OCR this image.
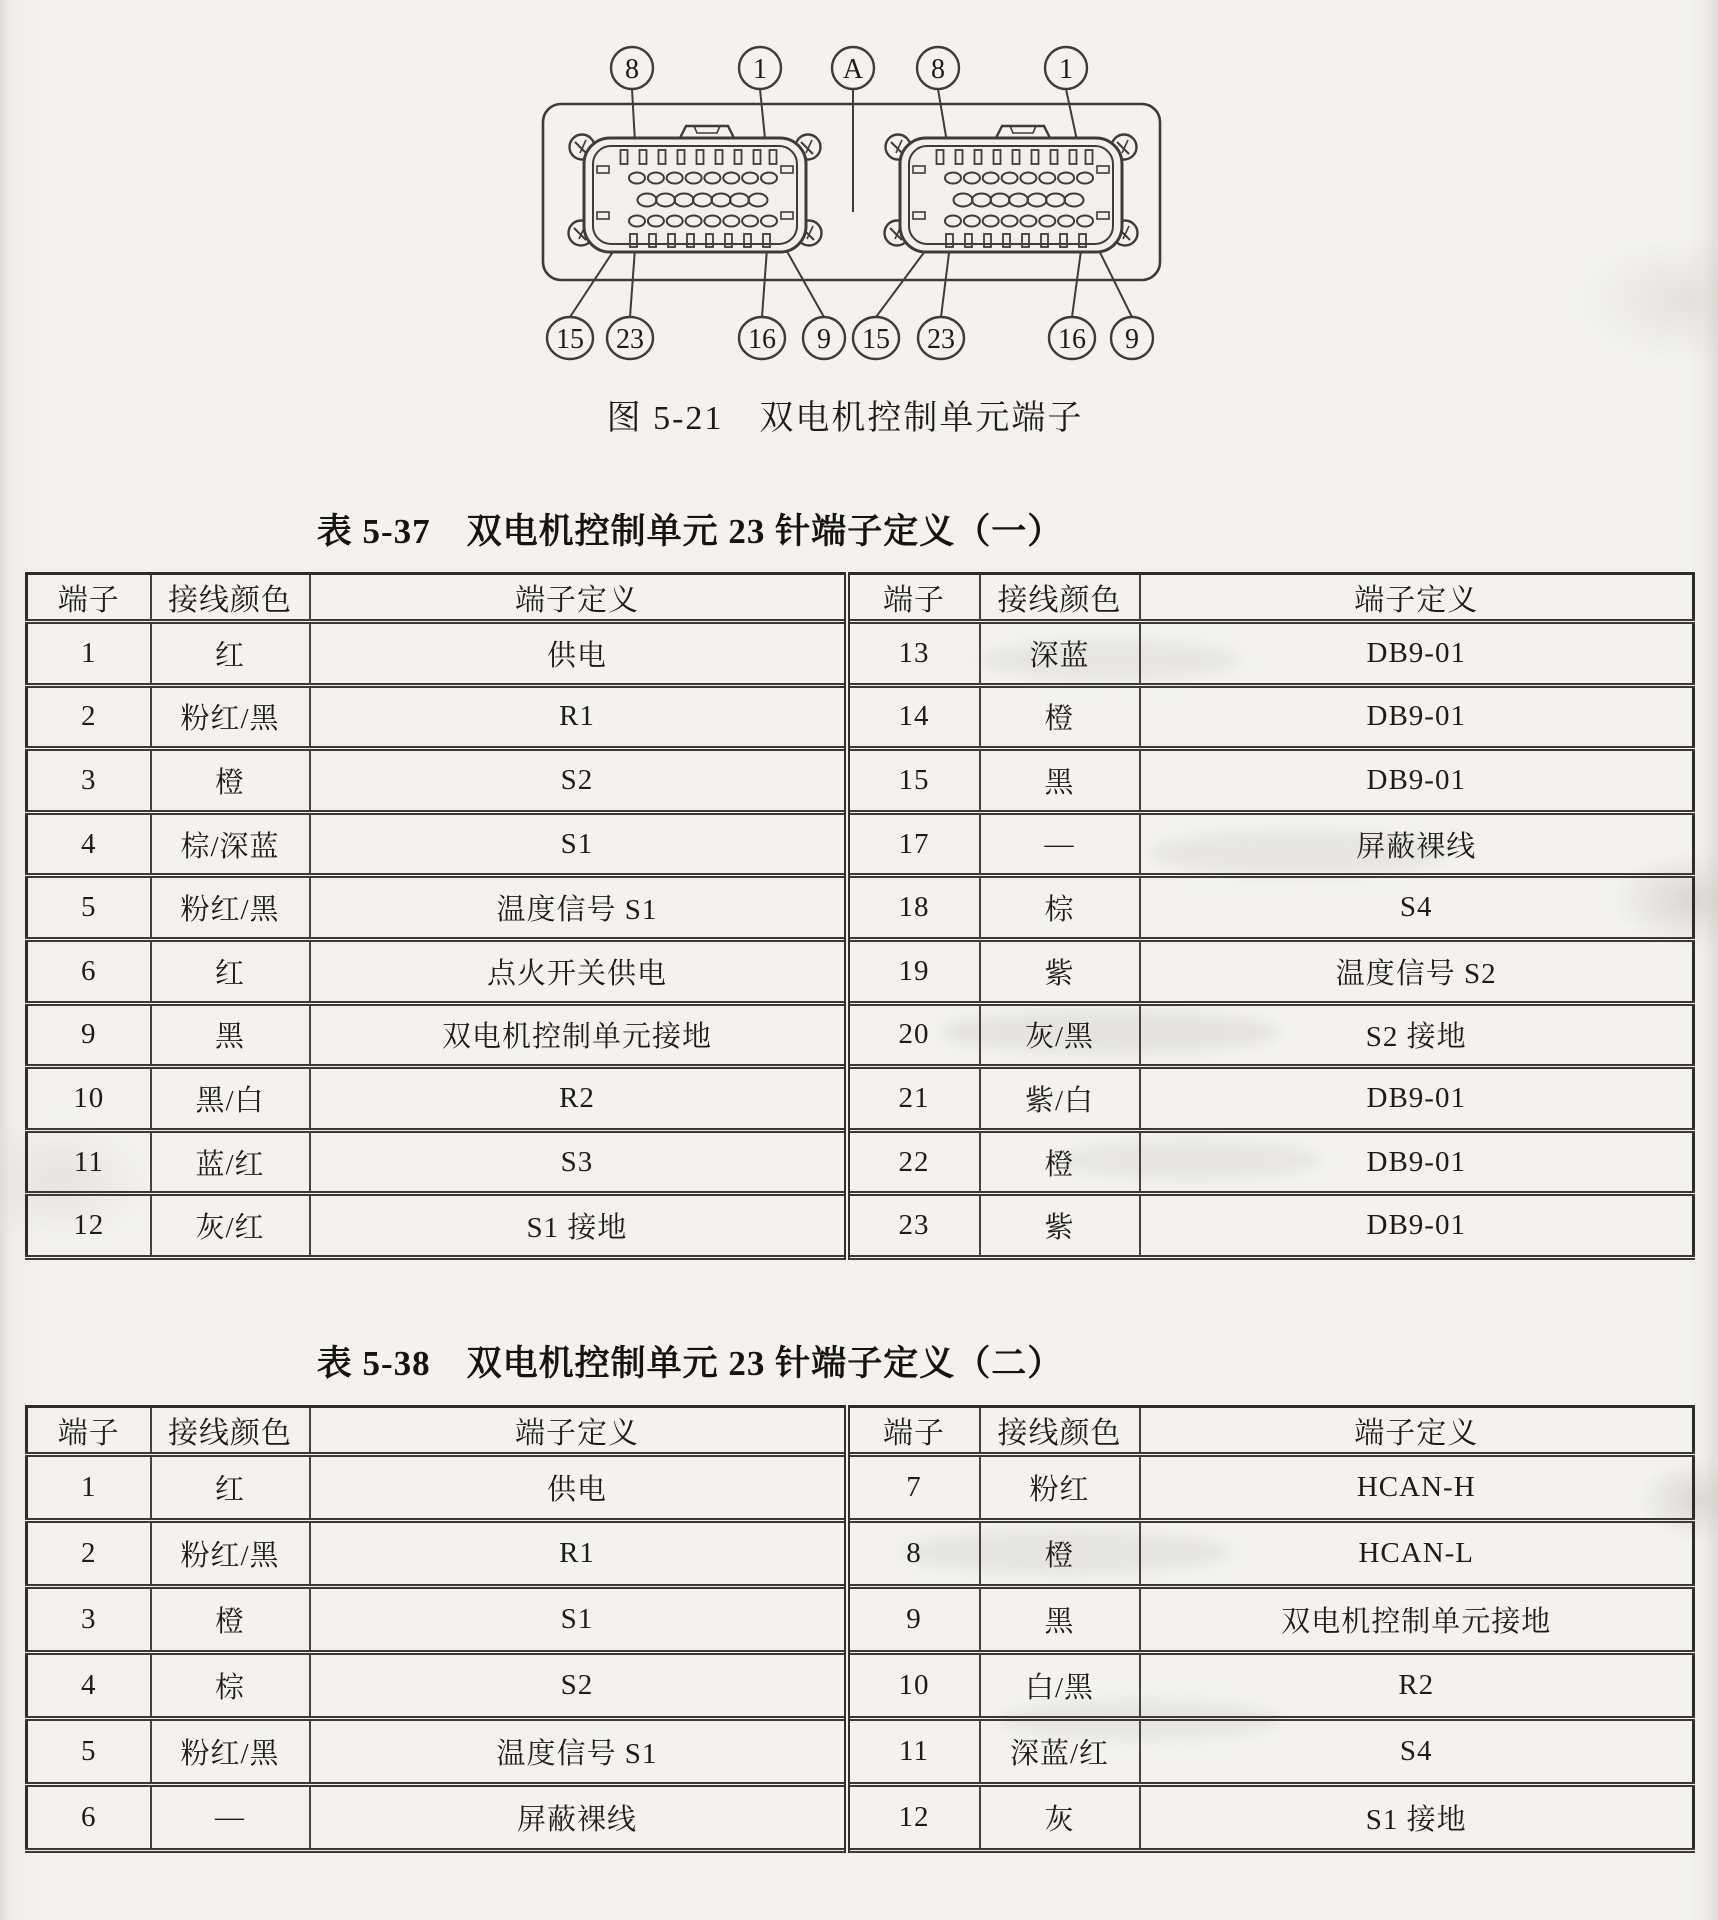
8	1	A 8	1
15 23	16 9 15 23	16 9
图 5-21　双电机控制单元端子
表 5-37　双电机控制单元 23 针端子定义（一）
端子	接线颜色	端子定义	端子	接线颜色	端子定义
1	红	供电	13	深蓝	DB9-01
2	粉红/黑	R1	14	橙	DB9-01
3	橙	S2	15	黑	DB9-01
4	棕/深蓝	S1	17	—	屏蔽裸线
5	粉红/黑	温度信号 S1	18	棕	S4
6	红	点火开关供电	19	紫	温度信号 S2
9	黑	双电机控制单元接地	20	灰/黑	S2 接地
10	黑/白	R2	21	紫/白	DB9-01
11	蓝/红	S3	22	橙	DB9-01
12	灰/红	S1 接地	23	紫	DB9-01
表 5-38　双电机控制单元 23 针端子定义（二）
端子	接线颜色	端子定义	端子	接线颜色	端子定义
1	红	供电	7	粉红	HCAN-H
2	粉红/黑	R1	8	橙	HCAN-L
3	橙	S1	9	黑	双电机控制单元接地
4	棕	S2	10	白/黑	R2
5	粉红/黑	温度信号 S1	11	深蓝/红	S4
6	—	屏蔽裸线	12	灰	S1 接地
